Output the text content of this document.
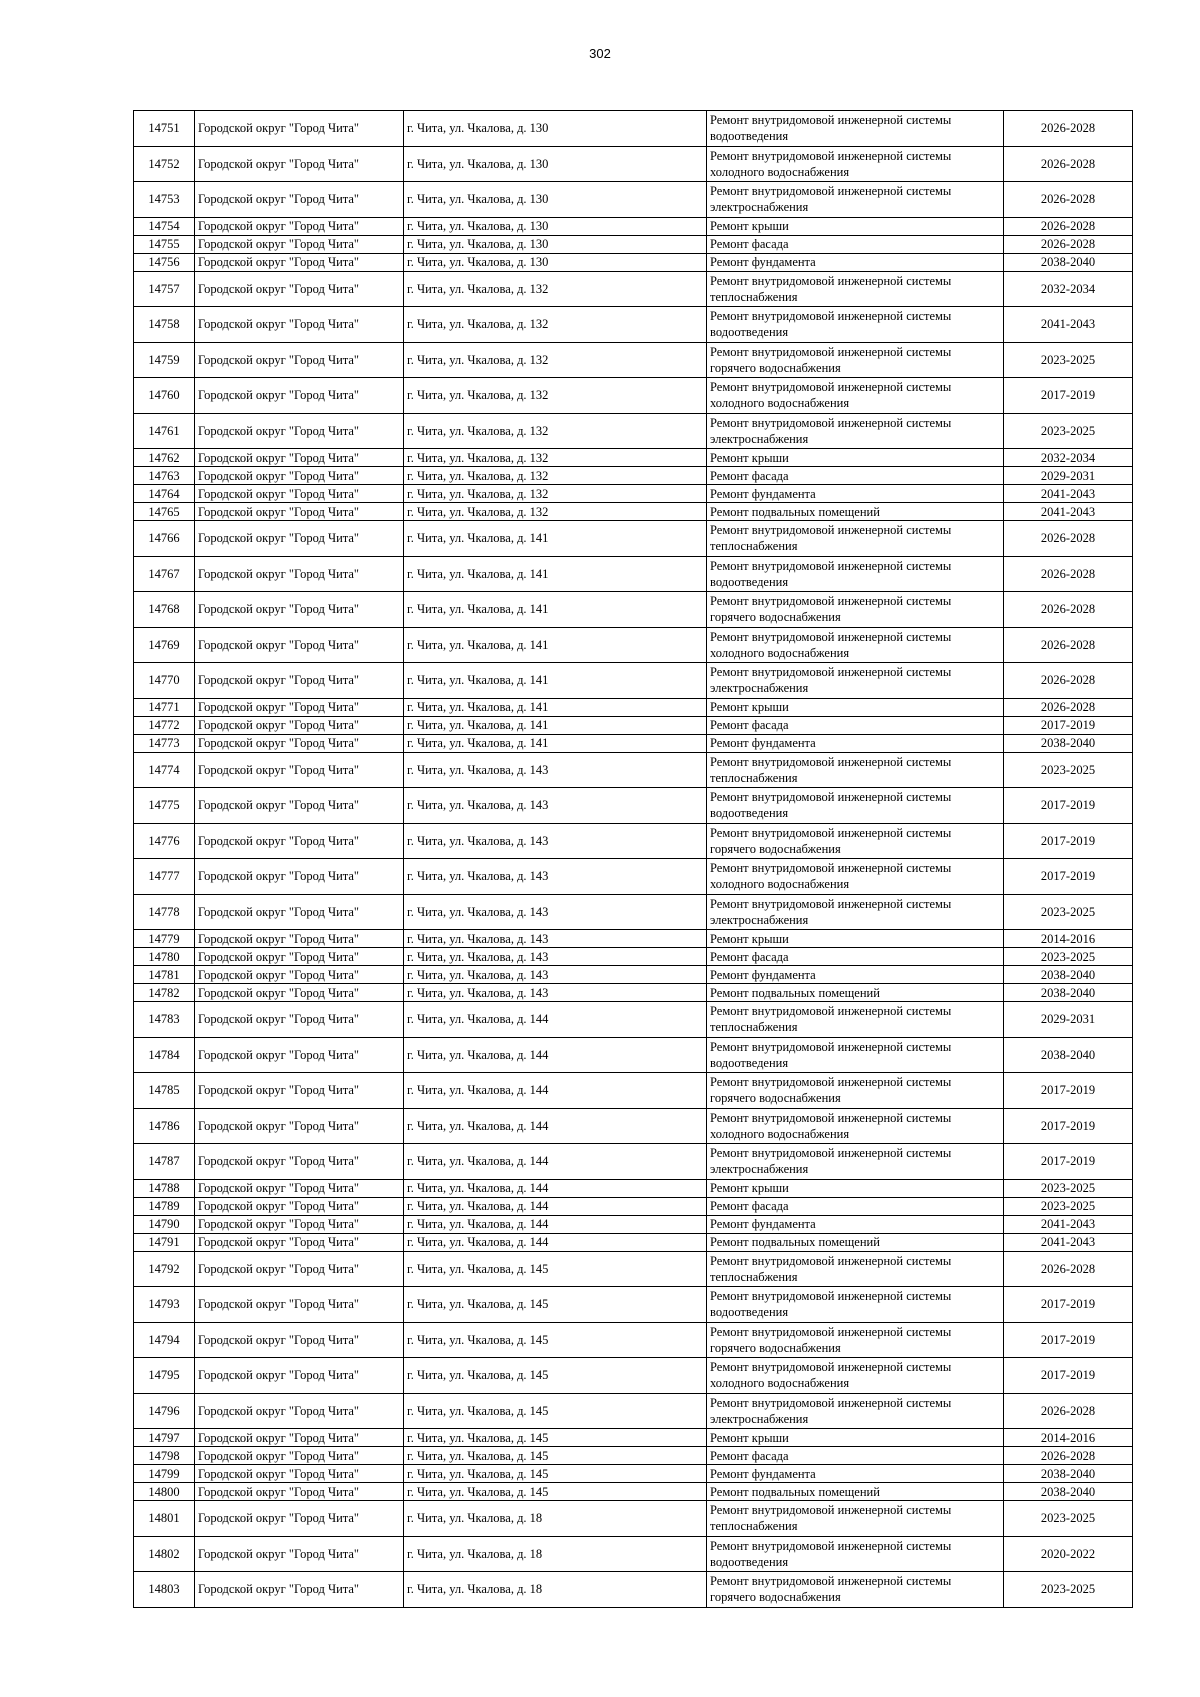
302
14751	Городской округ "Город Чита"	г. Чита, ул. Чкалова, д. 130	Ремонт внутридомовой инженерной системы водоотведения	2026-2028
14752	Городской округ "Город Чита"	г. Чита, ул. Чкалова, д. 130	Ремонт внутридомовой инженерной системы холодного водоснабжения	2026-2028
14753	Городской округ "Город Чита"	г. Чита, ул. Чкалова, д. 130	Ремонт внутридомовой инженерной системы электроснабжения	2026-2028
14754	Городской округ "Город Чита"	г. Чита, ул. Чкалова, д. 130	Ремонт крыши	2026-2028
14755	Городской округ "Город Чита"	г. Чита, ул. Чкалова, д. 130	Ремонт фасада	2026-2028
14756	Городской округ "Город Чита"	г. Чита, ул. Чкалова, д. 130	Ремонт фундамента	2038-2040
14757	Городской округ "Город Чита"	г. Чита, ул. Чкалова, д. 132	Ремонт внутридомовой инженерной системы теплоснабжения	2032-2034
14758	Городской округ "Город Чита"	г. Чита, ул. Чкалова, д. 132	Ремонт внутридомовой инженерной системы водоотведения	2041-2043
14759	Городской округ "Город Чита"	г. Чита, ул. Чкалова, д. 132	Ремонт внутридомовой инженерной системы горячего водоснабжения	2023-2025
14760	Городской округ "Город Чита"	г. Чита, ул. Чкалова, д. 132	Ремонт внутридомовой инженерной системы холодного водоснабжения	2017-2019
14761	Городской округ "Город Чита"	г. Чита, ул. Чкалова, д. 132	Ремонт внутридомовой инженерной системы электроснабжения	2023-2025
14762	Городской округ "Город Чита"	г. Чита, ул. Чкалова, д. 132	Ремонт крыши	2032-2034
14763	Городской округ "Город Чита"	г. Чита, ул. Чкалова, д. 132	Ремонт фасада	2029-2031
14764	Городской округ "Город Чита"	г. Чита, ул. Чкалова, д. 132	Ремонт фундамента	2041-2043
14765	Городской округ "Город Чита"	г. Чита, ул. Чкалова, д. 132	Ремонт подвальных помещений	2041-2043
14766	Городской округ "Город Чита"	г. Чита, ул. Чкалова, д. 141	Ремонт внутридомовой инженерной системы теплоснабжения	2026-2028
14767	Городской округ "Город Чита"	г. Чита, ул. Чкалова, д. 141	Ремонт внутридомовой инженерной системы водоотведения	2026-2028
14768	Городской округ "Город Чита"	г. Чита, ул. Чкалова, д. 141	Ремонт внутридомовой инженерной системы горячего водоснабжения	2026-2028
14769	Городской округ "Город Чита"	г. Чита, ул. Чкалова, д. 141	Ремонт внутридомовой инженерной системы холодного водоснабжения	2026-2028
14770	Городской округ "Город Чита"	г. Чита, ул. Чкалова, д. 141	Ремонт внутридомовой инженерной системы электроснабжения	2026-2028
14771	Городской округ "Город Чита"	г. Чита, ул. Чкалова, д. 141	Ремонт крыши	2026-2028
14772	Городской округ "Город Чита"	г. Чита, ул. Чкалова, д. 141	Ремонт фасада	2017-2019
14773	Городской округ "Город Чита"	г. Чита, ул. Чкалова, д. 141	Ремонт фундамента	2038-2040
14774	Городской округ "Город Чита"	г. Чита, ул. Чкалова, д. 143	Ремонт внутридомовой инженерной системы теплоснабжения	2023-2025
14775	Городской округ "Город Чита"	г. Чита, ул. Чкалова, д. 143	Ремонт внутридомовой инженерной системы водоотведения	2017-2019
14776	Городской округ "Город Чита"	г. Чита, ул. Чкалова, д. 143	Ремонт внутридомовой инженерной системы горячего водоснабжения	2017-2019
14777	Городской округ "Город Чита"	г. Чита, ул. Чкалова, д. 143	Ремонт внутридомовой инженерной системы холодного водоснабжения	2017-2019
14778	Городской округ "Город Чита"	г. Чита, ул. Чкалова, д. 143	Ремонт внутридомовой инженерной системы электроснабжения	2023-2025
14779	Городской округ "Город Чита"	г. Чита, ул. Чкалова, д. 143	Ремонт крыши	2014-2016
14780	Городской округ "Город Чита"	г. Чита, ул. Чкалова, д. 143	Ремонт фасада	2023-2025
14781	Городской округ "Город Чита"	г. Чита, ул. Чкалова, д. 143	Ремонт фундамента	2038-2040
14782	Городской округ "Город Чита"	г. Чита, ул. Чкалова, д. 143	Ремонт подвальных помещений	2038-2040
14783	Городской округ "Город Чита"	г. Чита, ул. Чкалова, д. 144	Ремонт внутридомовой инженерной системы теплоснабжения	2029-2031
14784	Городской округ "Город Чита"	г. Чита, ул. Чкалова, д. 144	Ремонт внутридомовой инженерной системы водоотведения	2038-2040
14785	Городской округ "Город Чита"	г. Чита, ул. Чкалова, д. 144	Ремонт внутридомовой инженерной системы горячего водоснабжения	2017-2019
14786	Городской округ "Город Чита"	г. Чита, ул. Чкалова, д. 144	Ремонт внутридомовой инженерной системы холодного водоснабжения	2017-2019
14787	Городской округ "Город Чита"	г. Чита, ул. Чкалова, д. 144	Ремонт внутридомовой инженерной системы электроснабжения	2017-2019
14788	Городской округ "Город Чита"	г. Чита, ул. Чкалова, д. 144	Ремонт крыши	2023-2025
14789	Городской округ "Город Чита"	г. Чита, ул. Чкалова, д. 144	Ремонт фасада	2023-2025
14790	Городской округ "Город Чита"	г. Чита, ул. Чкалова, д. 144	Ремонт фундамента	2041-2043
14791	Городской округ "Город Чита"	г. Чита, ул. Чкалова, д. 144	Ремонт подвальных помещений	2041-2043
14792	Городской округ "Город Чита"	г. Чита, ул. Чкалова, д. 145	Ремонт внутридомовой инженерной системы теплоснабжения	2026-2028
14793	Городской округ "Город Чита"	г. Чита, ул. Чкалова, д. 145	Ремонт внутридомовой инженерной системы водоотведения	2017-2019
14794	Городской округ "Город Чита"	г. Чита, ул. Чкалова, д. 145	Ремонт внутридомовой инженерной системы горячего водоснабжения	2017-2019
14795	Городской округ "Город Чита"	г. Чита, ул. Чкалова, д. 145	Ремонт внутридомовой инженерной системы холодного водоснабжения	2017-2019
14796	Городской округ "Город Чита"	г. Чита, ул. Чкалова, д. 145	Ремонт внутридомовой инженерной системы электроснабжения	2026-2028
14797	Городской округ "Город Чита"	г. Чита, ул. Чкалова, д. 145	Ремонт крыши	2014-2016
14798	Городской округ "Город Чита"	г. Чита, ул. Чкалова, д. 145	Ремонт фасада	2026-2028
14799	Городской округ "Город Чита"	г. Чита, ул. Чкалова, д. 145	Ремонт фундамента	2038-2040
14800	Городской округ "Город Чита"	г. Чита, ул. Чкалова, д. 145	Ремонт подвальных помещений	2038-2040
14801	Городской округ "Город Чита"	г. Чита, ул. Чкалова, д. 18	Ремонт внутридомовой инженерной системы теплоснабжения	2023-2025
14802	Городской округ "Город Чита"	г. Чита, ул. Чкалова, д. 18	Ремонт внутридомовой инженерной системы водоотведения	2020-2022
14803	Городской округ "Город Чита"	г. Чита, ул. Чкалова, д. 18	Ремонт внутридомовой инженерной системы горячего водоснабжения	2023-2025
